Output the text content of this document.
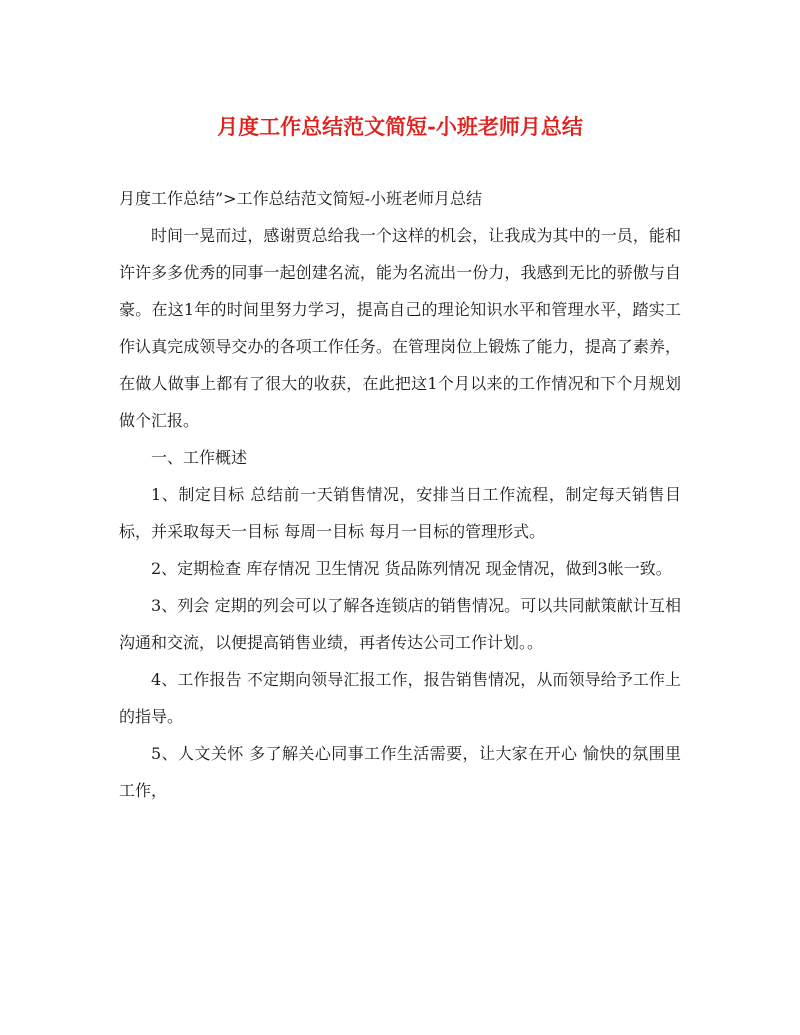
月度工作总结范文简短-小班老师月总结

月度工作总结”>工作总结范文简短-小班老师月总结

时间一晃而过，感谢贾总给我一个这样的机会，让我成为其中的一员，能和许许多多优秀的同事一起创建名流，能为名流出一份力，我感到无比的骄傲与自豪。在这1年的时间里努力学习，提高自己的理论知识水平和管理水平，踏实工作认真完成领导交办的各项工作任务。在管理岗位上锻炼了能力，提高了素养，在做人做事上都有了很大的收获，在此把这1个月以来的工作情况和下个月规划做个汇报。

一、工作概述

1、制定目标 总结前一天销售情况，安排当日工作流程，制定每天销售目标，并采取每天一目标 每周一目标 每月一目标的管理形式。

2、定期检查 库存情况 卫生情况 货品陈列情况 现金情况，做到3帐一致。

3、列会 定期的列会可以了解各连锁店的销售情况。可以共同献策献计互相沟通和交流，以便提高销售业绩，再者传达公司工作计划。。

4、工作报告 不定期向领导汇报工作，报告销售情况，从而领导给予工作上的指导。

5、人文关怀 多了解关心同事工作生活需要，让大家在开心 愉快的氛围里工作，
